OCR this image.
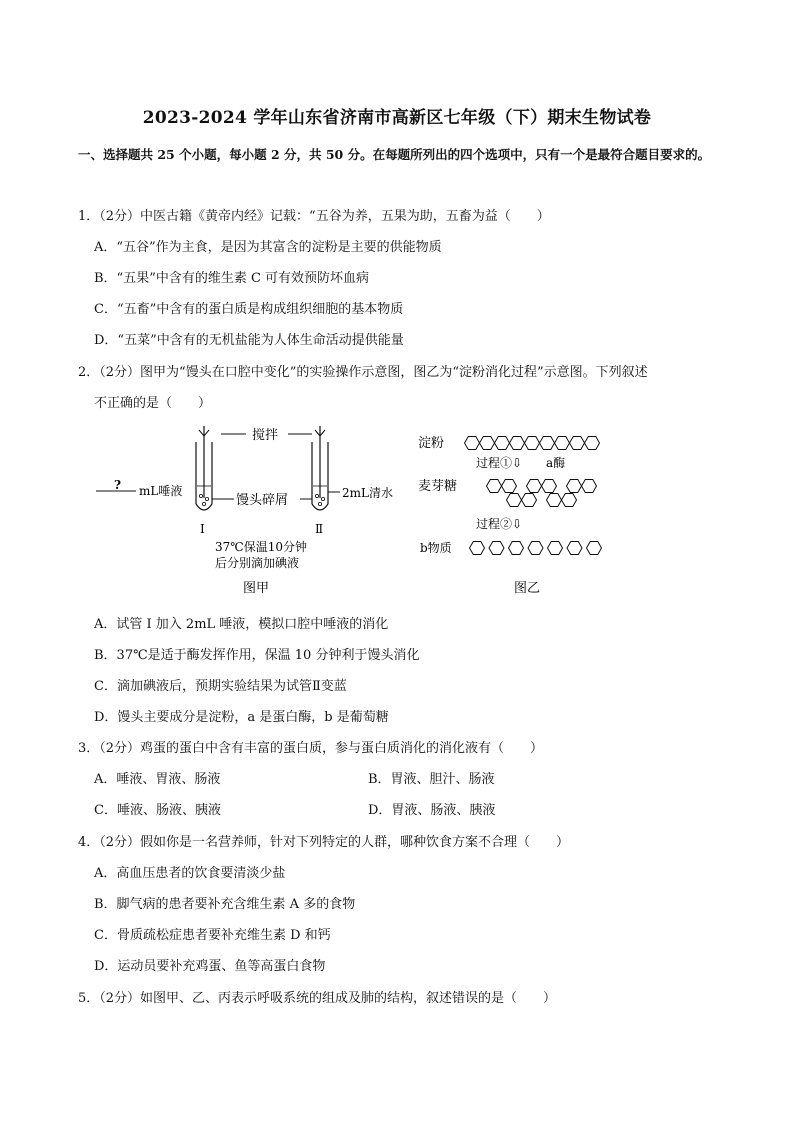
2023-2024 学年山东省济南市高新区七年级（下）期末生物试卷
一、选择题共 25 个小题，每小题 2 分，共 50 分。在每题所列出的四个选项中，只有一个是最符合题目要求的。
1．（2分）中医古籍《黄帝内经》记载：“五谷为养，五果为助，五畜为益（　　）
A．“五谷”作为主食，是因为其富含的淀粉是主要的供能物质
B．“五果”中含有的维生素 C 可有效预防坏血病
C．“五畜”中含有的蛋白质是构成组织细胞的基本物质
D．“五菜”中含有的无机盐能为人体生命活动提供能量
2．（2分）图甲为“馒头在口腔中变化”的实验操作示意图，图乙为“淀粉消化过程”示意图。下列叙述
不正确的是（　　）
搅拌
? mL唾液
馒头碎屑	2mL清水
I	Ⅱ
37℃保温10分钟
后分别滴加碘液
图甲
淀粉
过程①⇩ a酶
麦芽糖
过程②⇩
b物质
图乙
A．试管 I 加入 2mL 唾液，模拟口腔中唾液的消化
B．37℃是适于酶发挥作用，保温 10 分钟利于馒头消化
C．滴加碘液后，预期实验结果为试管Ⅱ变蓝
D．馒头主要成分是淀粉，a 是蛋白酶，b 是葡萄糖
3．（2分）鸡蛋的蛋白中含有丰富的蛋白质，参与蛋白质消化的消化液有（　　）
A．唾液、胃液、肠液	B．胃液、胆汁、肠液
C．唾液、肠液、胰液	D．胃液、肠液、胰液
4．（2分）假如你是一名营养师，针对下列特定的人群，哪种饮食方案不合理（　　）
A．高血压患者的饮食要清淡少盐
B．脚气病的患者要补充含维生素 A 多的食物
C．骨质疏松症患者要补充维生素 D 和钙
D．运动员要补充鸡蛋、鱼等高蛋白食物
5．（2分）如图甲、乙、丙表示呼吸系统的组成及肺的结构，叙述错误的是（　　）
